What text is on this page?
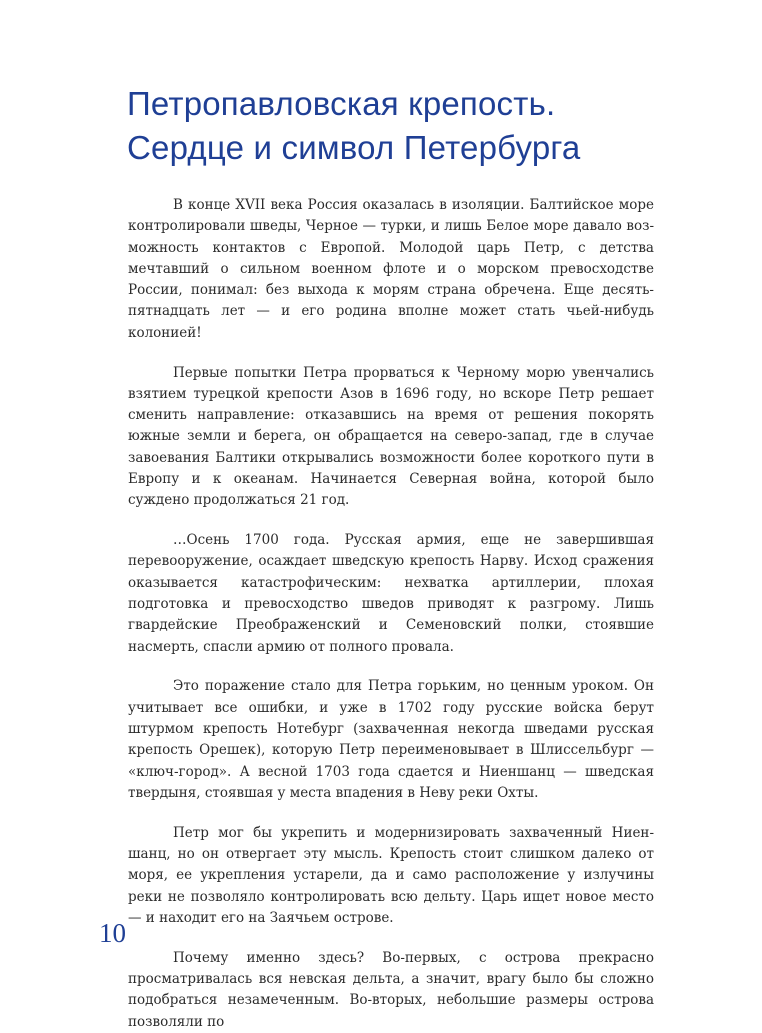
Петропавловская крепость.
Сердце и символ Петербурга

В конце XVII века Россия оказалась в изоляции. Балтийское море контролировали шведы, Черное — турки, и лишь Белое море давало возможность контактов с Европой. Молодой царь Петр, с детства мечтавший о сильном военном флоте и о морском превосходстве России, понимал: без выхода к морям страна обречена. Еще десять-пятнадцать лет — и его родина вполне может стать чьей-нибудь колонией!

Первые попытки Петра прорваться к Черному морю увенчались взятием турецкой крепости Азов в 1696 году, но вскоре Петр решает сменить направление: отказавшись на время от решения покорять южные земли и берега, он обращается на северо-запад, где в случае завоевания Балтики открывались возможности более короткого пути в Европу и к океанам. Начинается Северная война, которой было суждено продолжаться 21 год.

…Осень 1700 года. Русская армия, еще не завершившая перевооружение, осаждает шведскую крепость Нарву. Исход сражения оказывается катастрофическим: нехватка артиллерии, плохая подготовка и превосходство шведов приводят к разгрому. Лишь гвардейские Преображенский и Семеновский полки, стоявшие насмерть, спасли армию от полного провала.

Это поражение стало для Петра горьким, но ценным уроком. Он учитывает все ошибки, и уже в 1702 году русские войска берут штурмом крепость Нотебург (захваченная некогда шведами русская крепость Орешек), которую Петр переименовывает в Шлиссельбург — «ключ-город». А весной 1703 года сдается и Ниеншанц — шведская твердыня, стоявшая у места впадения в Неву реки Охты.

Петр мог бы укрепить и модернизировать захваченный Ниеншанц, но он отвергает эту мысль. Крепость стоит слишком далеко от моря, ее укрепления устарели, да и само расположение у излучины реки не позволяло контролировать всю дельту. Царь ищет новое место — и находит его на Заячьем острове.

Почему именно здесь? Во-первых, с острова прекрасно просматривалась вся невская дельта, а значит, врагу было бы сложно подобраться незамеченным. Во-вторых, небольшие размеры острова позволяли по

10
